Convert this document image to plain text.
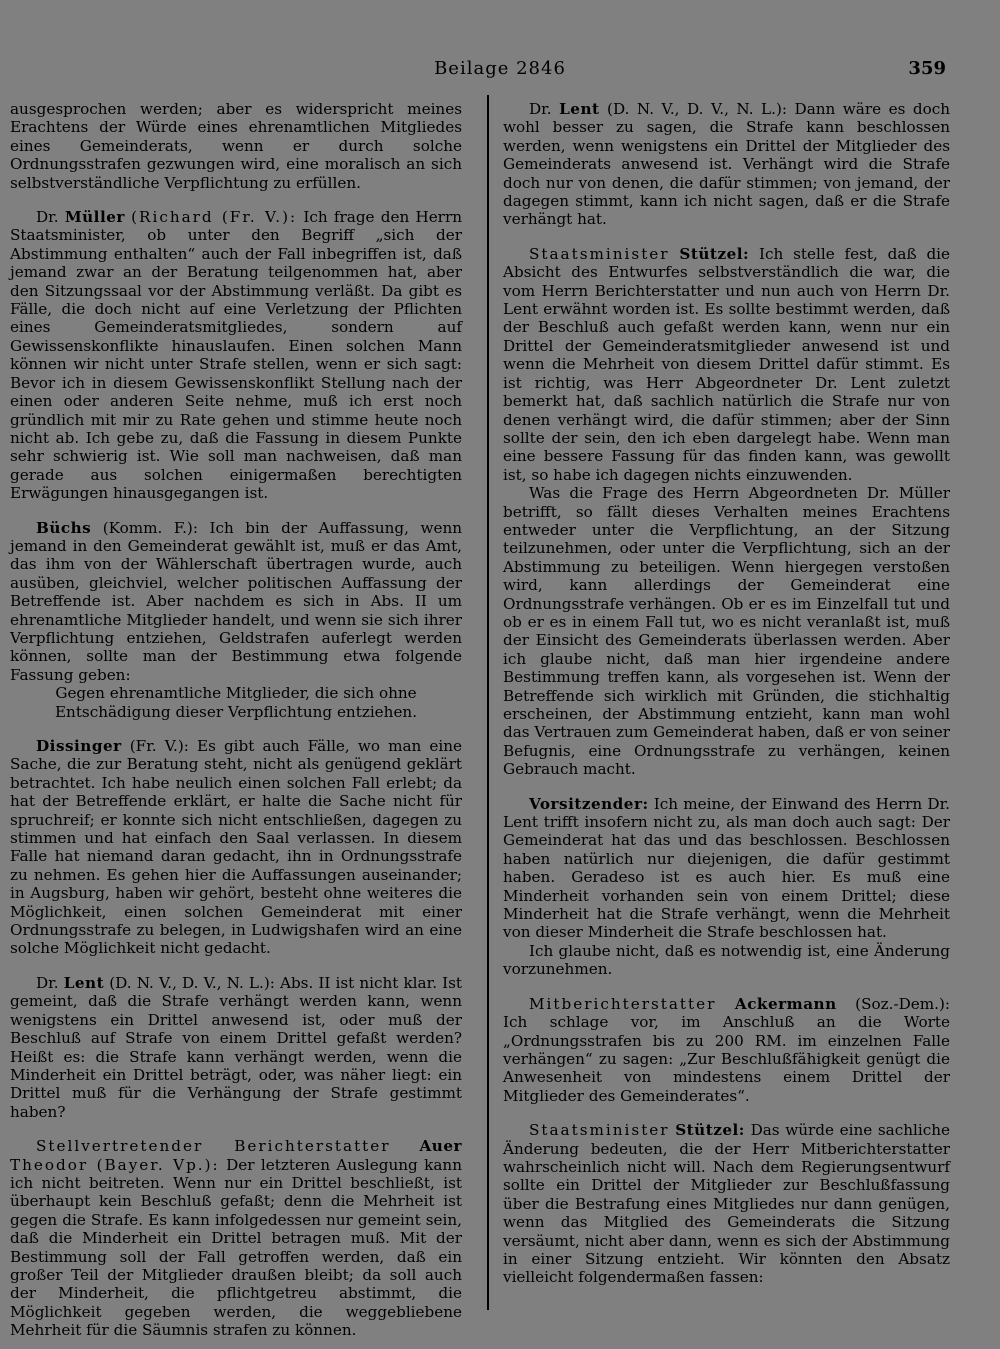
Beilage 2846	359

ausgesprochen werden; aber es widerspricht meines Erachtens der Würde eines ehrenamtlichen Mitgliedes eines Gemeinderats, wenn er durch solche Ordnungsstrafen gezwungen wird, eine moralisch an sich selbstverständliche Verpflichtung zu erfüllen.

Dr. Müller (Richard (Fr. V.): Ich frage den Herrn Staatsminister, ob unter den Begriff „sich der Abstimmung enthalten“ auch der Fall inbegriffen ist, daß jemand zwar an der Beratung teilgenommen hat, aber den Sitzungssaal vor der Abstimmung verläßt. Da gibt es Fälle, die doch nicht auf eine Verletzung der Pflichten eines Gemeinderatsmitgliedes, sondern auf Gewissenskonflikte hinauslaufen. Einen solchen Mann können wir nicht unter Strafe stellen, wenn er sich sagt: Bevor ich in diesem Gewissenskonflikt Stellung nach der einen oder anderen Seite nehme, muß ich erst noch gründlich mit mir zu Rate gehen und stimme heute noch nicht ab. Ich gebe zu, daß die Fassung in diesem Punkte sehr schwierig ist. Wie soll man nachweisen, daß man gerade aus solchen einigermaßen berechtigten Erwägungen hinausgegangen ist.

Büchs (Komm. F.): Ich bin der Auffassung, wenn jemand in den Gemeinderat gewählt ist, muß er das Amt, das ihm von der Wählerschaft übertragen wurde, auch ausüben, gleichviel, welcher politischen Auffassung der Betreffende ist. Aber nachdem es sich in Abs. II um ehrenamtliche Mitglieder handelt, und wenn sie sich ihrer Verpflichtung entziehen, Geldstrafen auferlegt werden können, sollte man der Bestimmung etwa folgende Fassung geben:

Gegen ehrenamtliche Mitglieder, die sich ohne Entschädigung dieser Verpflichtung entziehen.

Dissinger (Fr. V.): Es gibt auch Fälle, wo man eine Sache, die zur Beratung steht, nicht als genügend geklärt betrachtet. Ich habe neulich einen solchen Fall erlebt; da hat der Betreffende erklärt, er halte die Sache nicht für spruchreif; er konnte sich nicht entschließen, dagegen zu stimmen und hat einfach den Saal verlassen. In diesem Falle hat niemand daran gedacht, ihn in Ordnungsstrafe zu nehmen. Es gehen hier die Auffassungen auseinander; in Augsburg, haben wir gehört, besteht ohne weiteres die Möglichkeit, einen solchen Gemeinderat mit einer Ordnungsstrafe zu belegen, in Ludwigshafen wird an eine solche Möglichkeit nicht gedacht.

Dr. Lent (D. N. V., D. V., N. L.): Abs. II ist nicht klar. Ist gemeint, daß die Strafe verhängt werden kann, wenn wenigstens ein Drittel anwesend ist, oder muß der Beschluß auf Strafe von einem Drittel gefaßt werden? Heißt es: die Strafe kann verhängt werden, wenn die Minderheit ein Drittel beträgt, oder, was näher liegt: ein Drittel muß für die Verhängung der Strafe gestimmt haben?

Stellvertretender Berichterstatter Auer Theodor (Bayer. Vp.): Der letzteren Auslegung kann ich nicht beitreten. Wenn nur ein Drittel beschließt, ist überhaupt kein Beschluß gefaßt; denn die Mehrheit ist gegen die Strafe. Es kann infolgedessen nur gemeint sein, daß die Minderheit ein Drittel betragen muß. Mit der Bestimmung soll der Fall getroffen werden, daß ein großer Teil der Mitglieder draußen bleibt; da soll auch der Minderheit, die pflichtgetreu abstimmt, die Möglichkeit gegeben werden, die weggebliebene Mehrheit für die Säumnis strafen zu können.

Dr. Lent (D. N. V., D. V., N. L.): Dann wäre es doch wohl besser zu sagen, die Strafe kann beschlossen werden, wenn wenigstens ein Drittel der Mitglieder des Gemeinderats anwesend ist. Verhängt wird die Strafe doch nur von denen, die dafür stimmen; von jemand, der dagegen stimmt, kann ich nicht sagen, daß er die Strafe verhängt hat.

Staatsminister Stützel: Ich stelle fest, daß die Absicht des Entwurfes selbstverständlich die war, die vom Herrn Berichterstatter und nun auch von Herrn Dr. Lent erwähnt worden ist. Es sollte bestimmt werden, daß der Beschluß auch gefaßt werden kann, wenn nur ein Drittel der Gemeinderatsmitglieder anwesend ist und wenn die Mehrheit von diesem Drittel dafür stimmt. Es ist richtig, was Herr Abgeordneter Dr. Lent zuletzt bemerkt hat, daß sachlich natürlich die Strafe nur von denen verhängt wird, die dafür stimmen; aber der Sinn sollte der sein, den ich eben dargelegt habe. Wenn man eine bessere Fassung für das finden kann, was gewollt ist, so habe ich dagegen nichts einzuwenden.

Was die Frage des Herrn Abgeordneten Dr. Müller betrifft, so fällt dieses Verhalten meines Erachtens entweder unter die Verpflichtung, an der Sitzung teilzunehmen, oder unter die Verpflichtung, sich an der Abstimmung zu beteiligen. Wenn hiergegen verstoßen wird, kann allerdings der Gemeinderat eine Ordnungsstrafe verhängen. Ob er es im Einzelfall tut und ob er es in einem Fall tut, wo es nicht veranlaßt ist, muß der Einsicht des Gemeinderats überlassen werden. Aber ich glaube nicht, daß man hier irgendeine andere Bestimmung treffen kann, als vorgesehen ist. Wenn der Betreffende sich wirklich mit Gründen, die stichhaltig erscheinen, der Abstimmung entzieht, kann man wohl das Vertrauen zum Gemeinderat haben, daß er von seiner Befugnis, eine Ordnungsstrafe zu verhängen, keinen Gebrauch macht.

Vorsitzender: Ich meine, der Einwand des Herrn Dr. Lent trifft insofern nicht zu, als man doch auch sagt: Der Gemeinderat hat das und das beschlossen. Beschlossen haben natürlich nur diejenigen, die dafür gestimmt haben. Geradeso ist es auch hier. Es muß eine Minderheit vorhanden sein von einem Drittel; diese Minderheit hat die Strafe verhängt, wenn die Mehrheit von dieser Minderheit die Strafe beschlossen hat.

Ich glaube nicht, daß es notwendig ist, eine Änderung vorzunehmen.

Mitberichterstatter Ackermann (Soz.-Dem.): Ich schlage vor, im Anschluß an die Worte „Ordnungsstrafen bis zu 200 RM. im einzelnen Falle verhängen“ zu sagen: „Zur Beschlußfähigkeit genügt die Anwesenheit von mindestens einem Drittel der Mitglieder des Gemeinderates“.

Staatsminister Stützel: Das würde eine sachliche Änderung bedeuten, die der Herr Mitberichterstatter wahrscheinlich nicht will. Nach dem Regierungsentwurf sollte ein Drittel der Mitglieder zur Beschlußfassung über die Bestrafung eines Mitgliedes nur dann genügen, wenn das Mitglied des Gemeinderats die Sitzung versäumt, nicht aber dann, wenn es sich der Abstimmung in einer Sitzung entzieht. Wir könnten den Absatz vielleicht folgendermaßen fassen:
